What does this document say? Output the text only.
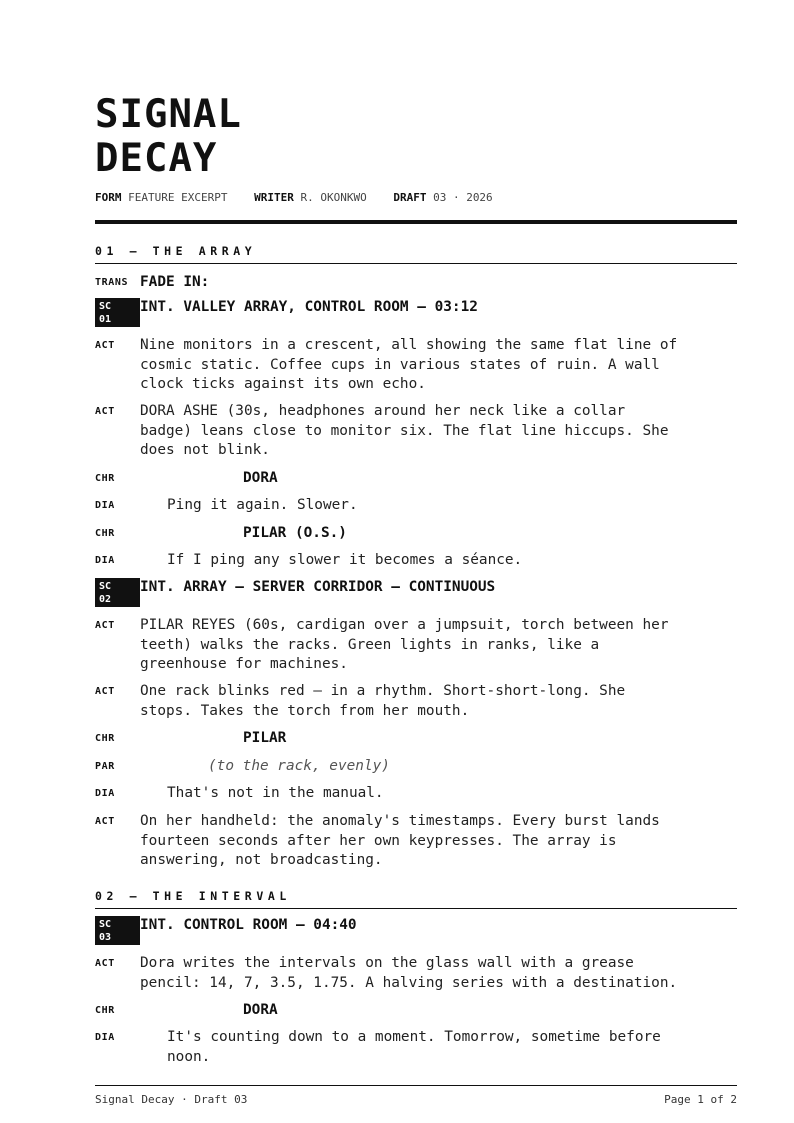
SIGNAL
DECAY
FORM FEATURE EXCERPT WRITER R. OKONKWO DRAFT 03 · 2026
01 — THE ARRAY
TRANS FADE IN:
SC
01
INT. VALLEY ARRAY, CONTROL ROOM — 03:12
ACT Nine monitors in a crescent, all showing the same flat line of
cosmic static. Coffee cups in various states of ruin. A wall
clock ticks against its own echo.

ACT DORA ASHE (30s, headphones around her neck like a collar
badge) leans close to monitor six. The flat line hiccups. She
does not blink.

CHR	DORA
DIA	Ping it again. Slower.

CHR	PILAR (O.S.)
DIA	If I ping any slower it becomes a séance.

SC
02
INT. ARRAY — SERVER CORRIDOR — CONTINUOUS
ACT PILAR REYES (60s, cardigan over a jumpsuit, torch between her
teeth) walks the racks. Green lights in ranks, like a
greenhouse for machines.

ACT One rack blinks red — in a rhythm. Short-short-long. She
stops. Takes the torch from her mouth.

CHR	PILAR
PAR	(to the rack, evenly)
DIA	That's not in the manual.

ACT On her handheld: the anomaly's timestamps. Every burst lands
fourteen seconds after her own keypresses. The array is
answering, not broadcasting.

02 — THE INTERVAL
SC
03
INT. CONTROL ROOM — 04:40
ACT Dora writes the intervals on the glass wall with a grease
pencil: 14, 7, 3.5, 1.75. A halving series with a destination.

CHR	DORA
DIA	It's counting down to a moment. Tomorrow, sometime before
noon.

Signal Decay · Draft 03	Page 1 of 2
